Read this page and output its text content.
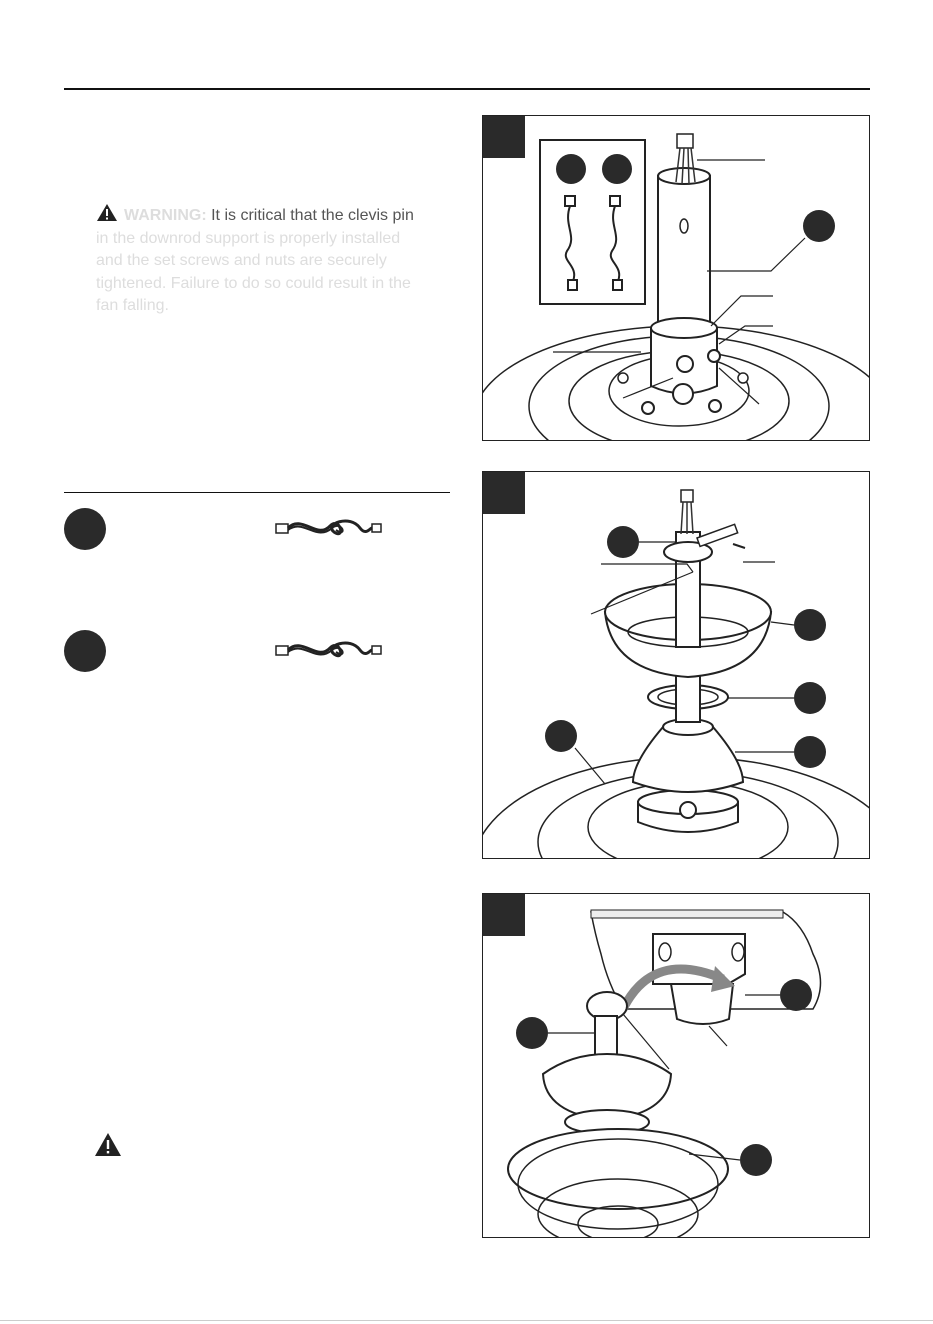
WARNING: It is critical that the clevis pin
in the downrod support is properly installed
and the set screws and nuts are securely
tightened. Failure to do so could result in the
fan falling.
